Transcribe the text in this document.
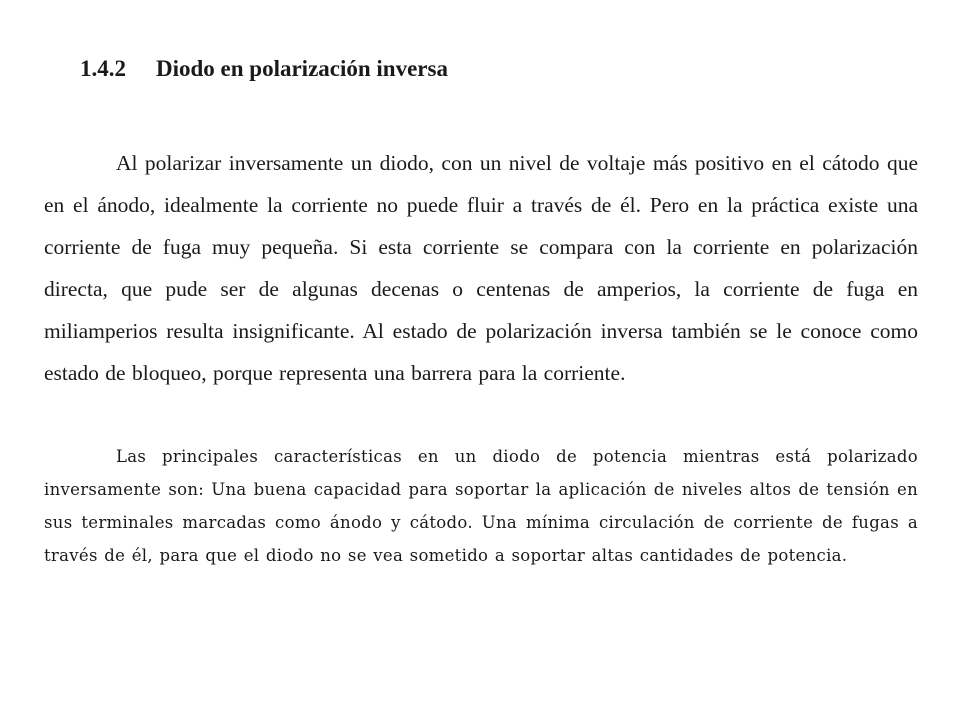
1.4.2 Diodo en polarización inversa

Al polarizar inversamente un diodo, con un nivel de voltaje más positivo en el cátodo que en el ánodo, idealmente la corriente no puede fluir a través de él. Pero en la práctica existe una corriente de fuga muy pequeña. Si esta corriente se compara con la corriente en polarización directa, que pude ser de algunas decenas o centenas de amperios, la corriente de fuga en miliamperios resulta insignificante. Al estado de polarización inversa también se le conoce como estado de bloqueo, porque representa una barrera para la corriente.

Las principales características en un diodo de potencia mientras está polarizado inversamente son: Una buena capacidad para soportar la aplicación de niveles altos de tensión en sus terminales marcadas como ánodo y cátodo. Una mínima circulación de corriente de fugas a través de él, para que el diodo no se vea sometido a soportar altas cantidades de potencia.
